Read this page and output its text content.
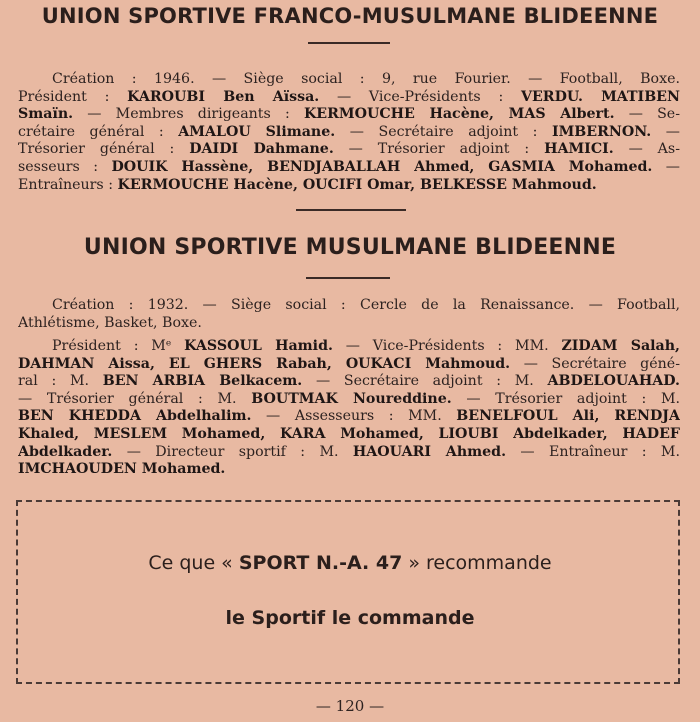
UNION SPORTIVE FRANCO-MUSULMANE BLIDEENNE
Création : 1946. — Siège social : 9, rue Fourier. — Football, Boxe.
Président : KAROUBI Ben Aïssa. — Vice-Présidents : VERDU. MATIBEN
Smaïn. — Membres dirigeants : KERMOUCHE Hacène, MAS Albert. — Se-
crétaire général : AMALOU Slimane. — Secrétaire adjoint : IMBERNON. —
Trésorier général : DAIDI Dahmane. — Trésorier adjoint : HAMICI. — As-
sesseurs : DOUIK Hassène, BENDJABALLAH Ahmed, GASMIA Mohamed. —
Entraîneurs : KERMOUCHE Hacène, OUCIFI Omar, BELKESSE Mahmoud.
UNION SPORTIVE MUSULMANE BLIDEENNE
Création : 1932. — Siège social : Cercle de la Renaissance. — Football,
Athlétisme, Basket, Boxe.
Président : Mᵉ KASSOUL Hamid. — Vice-Présidents : MM. ZIDAM Salah,
DAHMAN Aissa, EL GHERS Rabah, OUKACI Mahmoud. — Secrétaire géné-
ral : M. BEN ARBIA Belkacem. — Secrétaire adjoint : M. ABDELOUAHAD.
— Trésorier général : M. BOUTMAK Noureddine. — Trésorier adjoint : M.
BEN KHEDDA Abdelhalim. — Assesseurs : MM. BENELFOUL Ali, RENDJA
Khaled, MESLEM Mohamed, KARA Mohamed, LIOUBI Abdelkader, HADEF
Abdelkader. — Directeur sportif : M. HAOUARI Ahmed. — Entraîneur : M.
IMCHAOUDEN Mohamed.
Ce que « SPORT N.-A. 47 » recommande
le Sportif le commande
— 120 —
